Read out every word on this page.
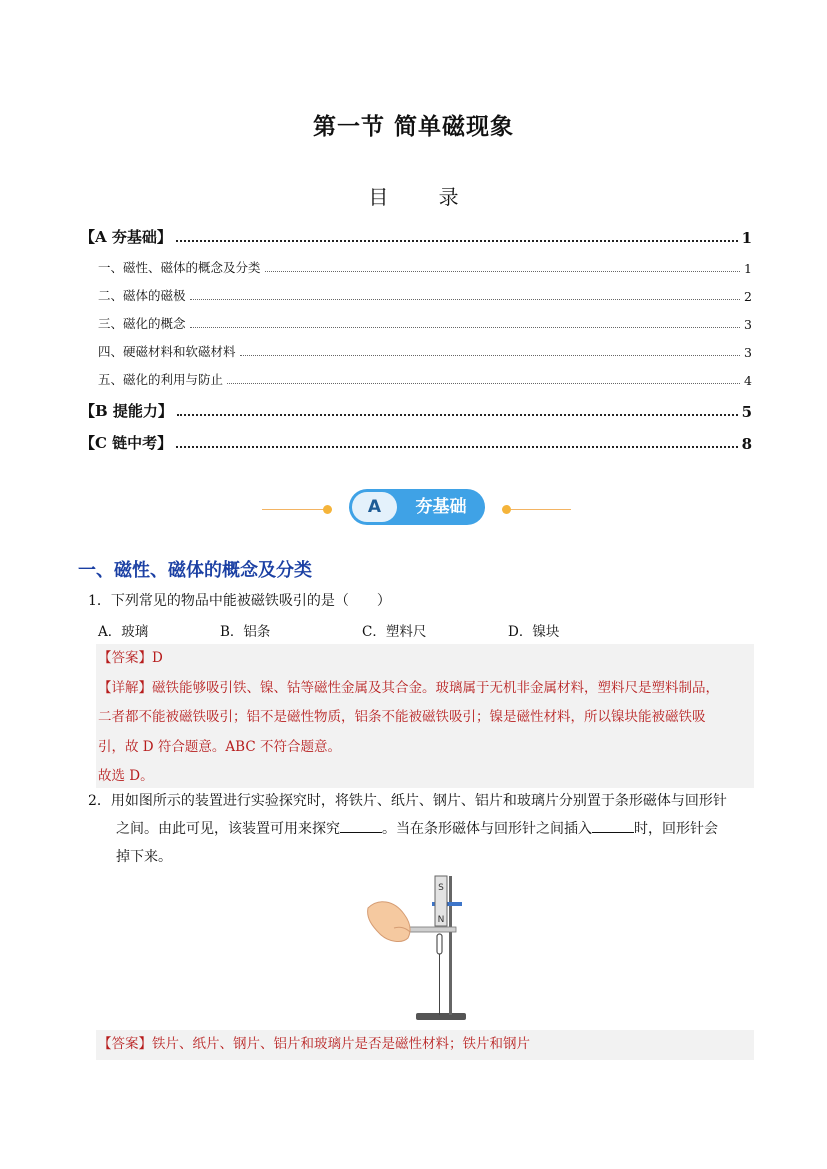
第一节 简单磁现象
目 录
【A 夯基础】	1
一、磁性、磁体的概念及分类	1
二、磁体的磁极	2
三、磁化的概念	3
四、硬磁材料和软磁材料	3
五、磁化的利用与防止	4
【B 提能力】	5
【C 链中考】	8
A	夯基础
一、磁性、磁体的概念及分类
1．下列常见的物品中能被磁铁吸引的是（　　）
A．玻璃	B．铝条	C．塑料尺	D．镍块
【答案】D
【详解】磁铁能够吸引铁、镍、钴等磁性金属及其合金。玻璃属于无机非金属材料，塑料尺是塑料制品，
二者都不能被磁铁吸引；铝不是磁性物质，铝条不能被磁铁吸引；镍是磁性材料，所以镍块能被磁铁吸
引，故 D 符合题意。ABC 不符合题意。
故选 D。
2．用如图所示的装置进行实验探究时，将铁片、纸片、钢片、铝片和玻璃片分别置于条形磁体与回形针
之间。由此可见，该装置可用来探究	。当在条形磁体与回形针之间插入	时，回形针会
掉下来。
S
N
【答案】铁片、纸片、钢片、铝片和玻璃片是否是磁性材料；铁片和钢片
